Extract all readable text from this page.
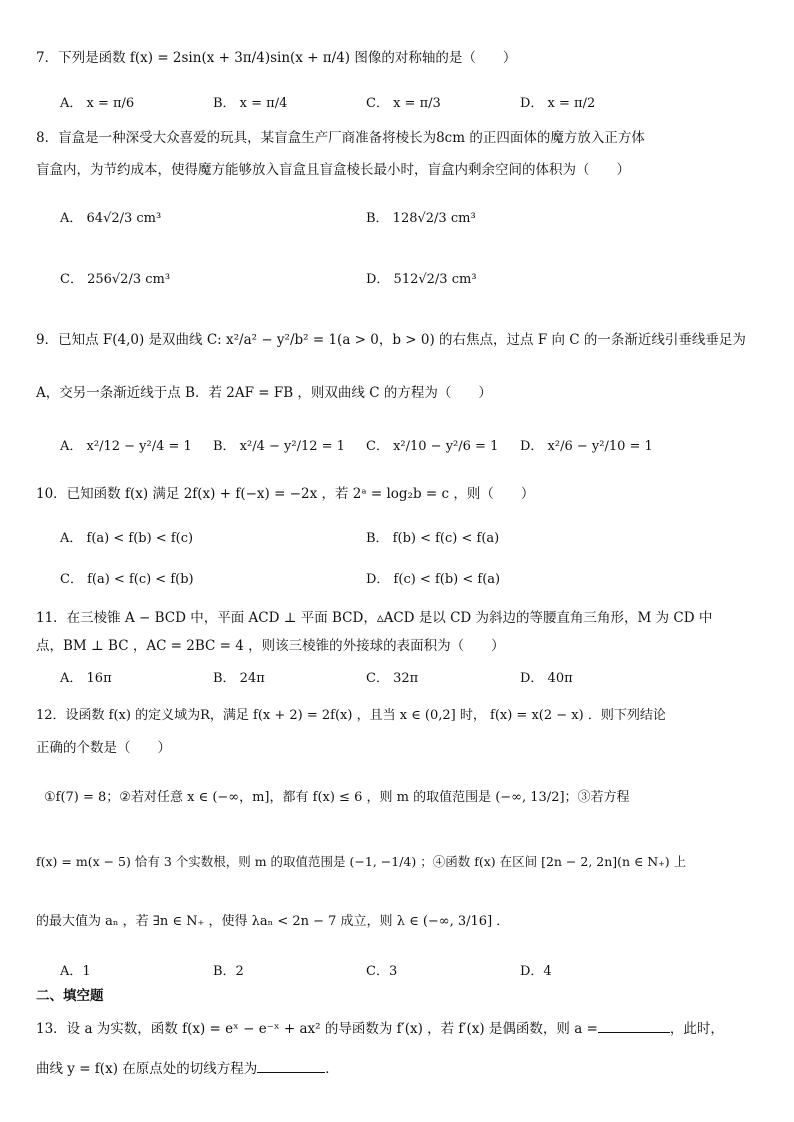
7．下列是函数 f(x) = 2sin(x + 3π/4)sin(x + π/4) 图像的对称轴的是（　　）
A． x = π/6	B． x = π/4	C． x = π/3	D． x = π/2
8．盲盒是一种深受大众喜爱的玩具，某盲盒生产厂商准备将棱长为8cm 的正四面体的魔方放入正方体
盲盒内，为节约成本，使得魔方能够放入盲盒且盲盒棱长最小时，盲盒内剩余空间的体积为（　　）
A． 64√2/3 cm³	B． 128√2/3 cm³
C． 256√2/3 cm³	D． 512√2/3 cm³
9．已知点 F(4,0) 是双曲线 C: x²/a² − y²/b² = 1(a > 0，b > 0) 的右焦点，过点 F 向 C 的一条渐近线引垂线垂足为
A，交另一条渐近线于点 B．若 2AF = FB ，则双曲线 C 的方程为（　　）
A． x²/12 − y²/4 = 1 B． x²/4 − y²/12 = 1 C． x²/10 − y²/6 = 1 D． x²/6 − y²/10 = 1
10．已知函数 f(x) 满足 2f(x) + f(−x) = −2x ，若 2ᵃ = log₂b = c ，则（　　）
A． f(a) < f(b) < f(c)	B． f(b) < f(c) < f(a)
C． f(a) < f(c) < f(b)	D． f(c) < f(b) < f(a)
11．在三棱锥 A − BCD 中，平面 ACD ⊥ 平面 BCD，▵ACD 是以 CD 为斜边的等腰直角三角形，M 为 CD 中
点，BM ⊥ BC ，AC = 2BC = 4 ，则该三棱锥的外接球的表面积为（　　）
A． 16π	B． 24π	C． 32π	D． 40π
12．设函数 f(x) 的定义域为R，满足 f(x + 2) = 2f(x) ，且当 x ∈ (0,2] 时， f(x) = x(2 − x) ．则下列结论
正确的个数是（　　）
①f(7) = 8；②若对任意 x ∈ (−∞，m]，都有 f(x) ≤ 6 ，则 m 的取值范围是 (−∞, 13/2]；③若方程
f(x) = m(x − 5) 恰有 3 个实数根，则 m 的取值范围是 (−1, −1/4) ；④函数 f(x) 在区间 [2n − 2, 2n](n ∈ N₊) 上
的最大值为 aₙ ，若 ∃n ∈ N₊ ，使得 λaₙ < 2n − 7 成立，则 λ ∈ (−∞, 3/16] ．
A．1	B．2	C．3	D．4
二、填空题
13．设 a 为实数，函数 f(x) = eˣ − e⁻ˣ + ax² 的导函数为 f′(x) ，若 f′(x) 是偶函数，则 a =	，此时，
曲线 y = f(x) 在原点处的切线方程为	．
